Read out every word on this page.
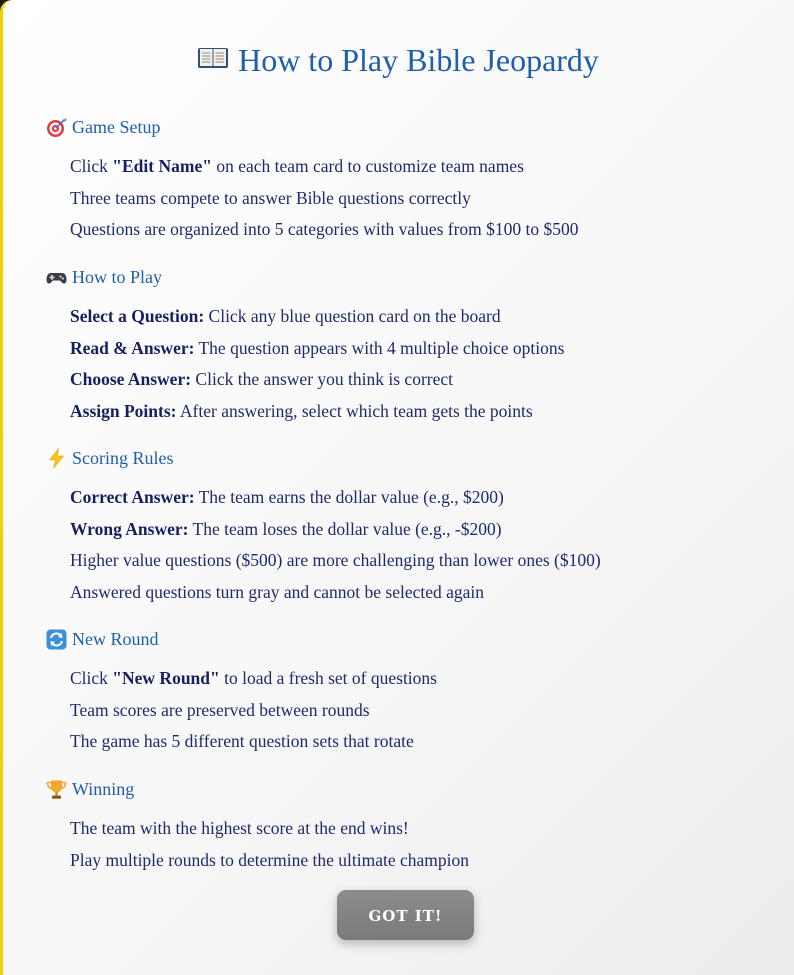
How to Play Bible Jeopardy
Game Setup
Click "Edit Name" on each team card to customize team names
Three teams compete to answer Bible questions correctly
Questions are organized into 5 categories with values from $100 to $500
How to Play
Select a Question: Click any blue question card on the board
Read & Answer: The question appears with 4 multiple choice options
Choose Answer: Click the answer you think is correct
Assign Points: After answering, select which team gets the points
Scoring Rules
Correct Answer: The team earns the dollar value (e.g., $200)
Wrong Answer: The team loses the dollar value (e.g., -$200)
Higher value questions ($500) are more challenging than lower ones ($100)
Answered questions turn gray and cannot be selected again
New Round
Click "New Round" to load a fresh set of questions
Team scores are preserved between rounds
The game has 5 different question sets that rotate
Winning
The team with the highest score at the end wins!
Play multiple rounds to determine the ultimate champion
GOT IT!
